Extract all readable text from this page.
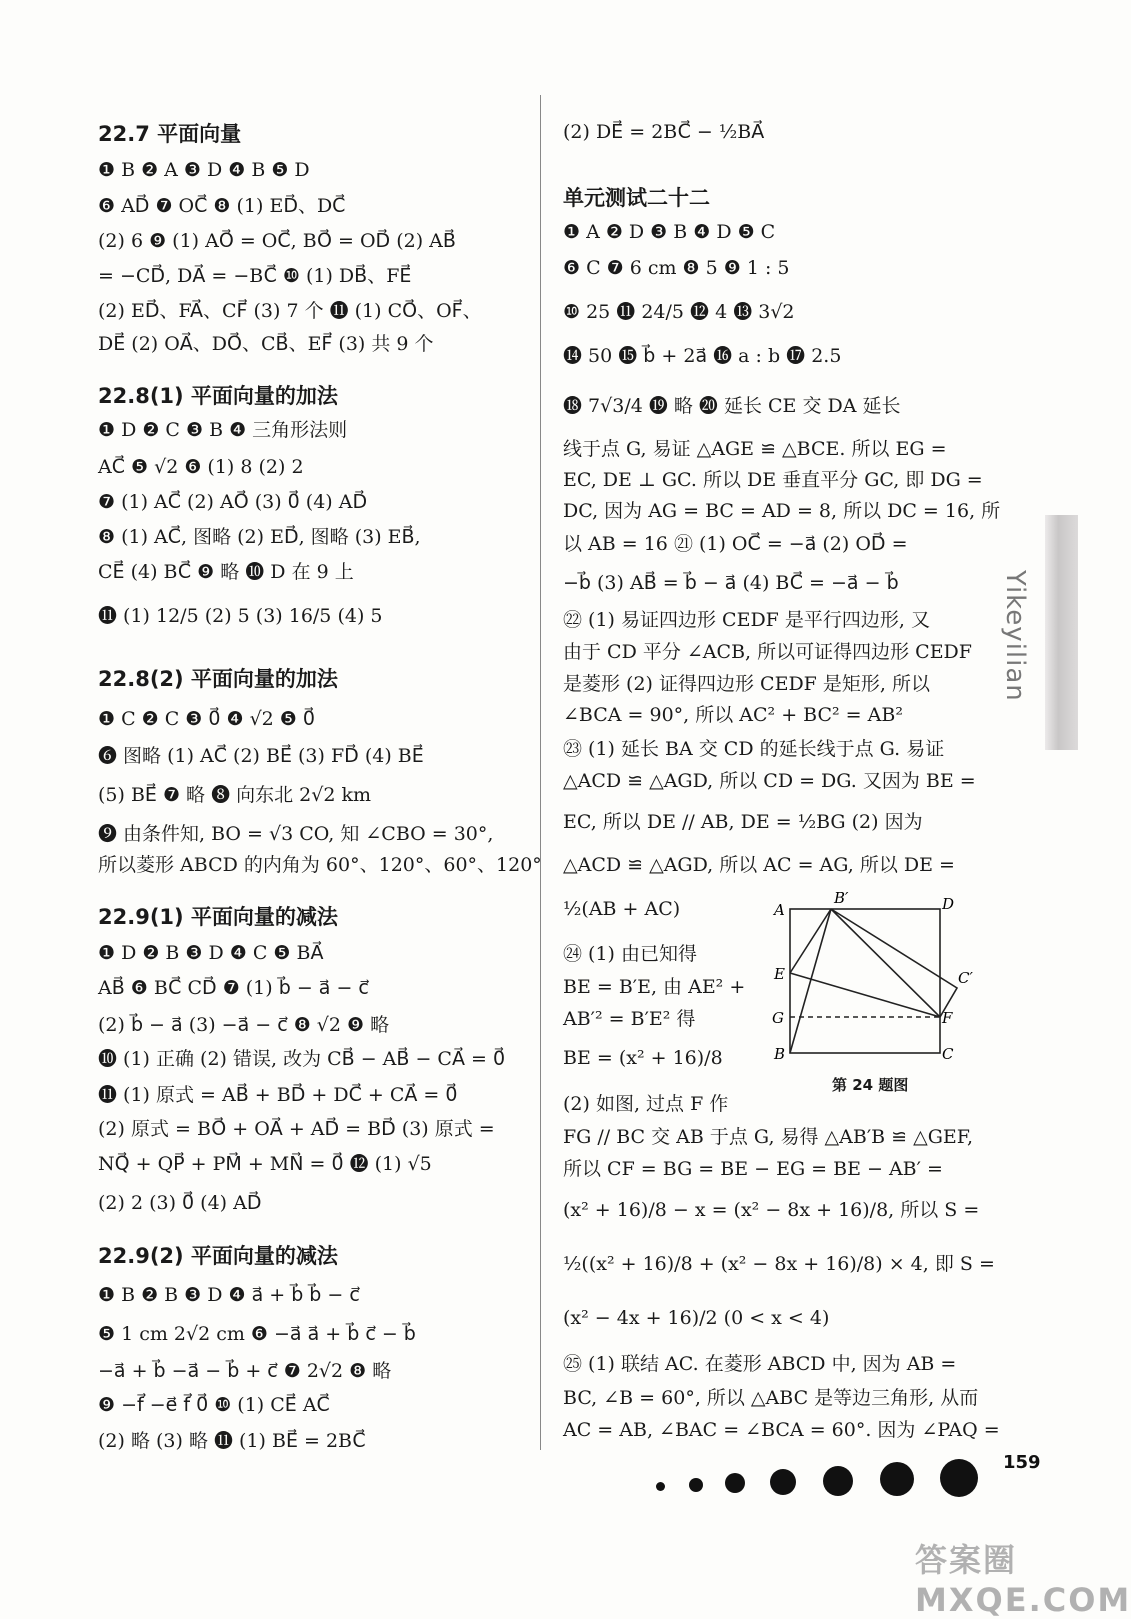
22.7 平面向量
❶ B ❷ A ❸ D ❹ B ❺ D
❻ AD⃗ ❼ OC⃗ ❽ (1) ED⃗、DC⃗
(2) 6 ❾ (1) AO⃗ = OC⃗, BO⃗ = OD⃗ (2) AB⃗
= −CD⃗, DA⃗ = −BC⃗ ❿ (1) DB⃗、FE⃗
(2) ED⃗、FA⃗、CF⃗ (3) 7 个 ⓫ (1) CO⃗、OF⃗、
DE⃗ (2) OA⃗、DO⃗、CB⃗、EF⃗ (3) 共 9 个
22.8(1) 平面向量的加法
❶ D ❷ C ❸ B ❹ 三角形法则
AC⃗ ❺ √2 ❻ (1) 8 (2) 2
❼ (1) AC⃗ (2) AO⃗ (3) 0⃗ (4) AD⃗
❽ (1) AC⃗, 图略 (2) ED⃗, 图略 (3) EB⃗,
CE⃗ (4) BC⃗ ❾ 略 ❿ D 在 9 上
⓫ (1) 12/5 (2) 5 (3) 16/5 (4) 5
22.8(2) 平面向量的加法
❶ C ❷ C ❸ 0⃗ ❹ √2 ❺ 0⃗
❻ 图略 (1) AC⃗ (2) BE⃗ (3) FD⃗ (4) BE⃗
(5) BE⃗ ❼ 略 ❽ 向东北 2√2 km
❾ 由条件知, BO = √3 CO, 知 ∠CBO = 30°,
所以菱形 ABCD 的内角为 60°、120°、60°、120°
22.9(1) 平面向量的减法
❶ D ❷ B ❸ D ❹ C ❺ BA⃗
AB⃗ ❻ BC⃗ CD⃗ ❼ (1) b⃗ − a⃗ − c⃗
(2) b⃗ − a⃗ (3) −a⃗ − c⃗ ❽ √2 ❾ 略
❿ (1) 正确 (2) 错误, 改为 CB⃗ − AB⃗ − CA⃗ = 0⃗
⓫ (1) 原式 = AB⃗ + BD⃗ + DC⃗ + CA⃗ = 0⃗
(2) 原式 = BO⃗ + OA⃗ + AD⃗ = BD⃗ (3) 原式 =
NQ⃗ + QP⃗ + PM⃗ + MN⃗ = 0⃗ ⓬ (1) √5
(2) 2 (3) 0⃗ (4) AD⃗
22.9(2) 平面向量的减法
❶ B ❷ B ❸ D ❹ a⃗ + b⃗ b⃗ − c⃗
❺ 1 cm 2√2 cm ❻ −a⃗ a⃗ + b⃗ c⃗ − b⃗
−a⃗ + b⃗ −a⃗ − b⃗ + c⃗ ❼ 2√2 ❽ 略
❾ −f⃗ −e⃗ f⃗ 0⃗ ❿ (1) CE⃗ AC⃗
(2) 略 (3) 略 ⓫ (1) BE⃗ = 2BC⃗
(2) DE⃗ = 2BC⃗ − ½BA⃗
单元测试二十二
❶ A ❷ D ❸ B ❹ D ❺ C
❻ C ❼ 6 cm ❽ 5 ❾ 1 : 5
❿ 25 ⓫ 24/5 ⓬ 4 ⓭ 3√2
⓮ 50 ⓯ b⃗ + 2a⃗ ⓰ a : b ⓱ 2.5
⓲ 7√3/4 ⓳ 略 ⓴ 延长 CE 交 DA 延长
线于点 G, 易证 △AGE ≌ △BCE. 所以 EG =
EC, DE ⊥ GC. 所以 DE 垂直平分 GC, 即 DG =
DC, 因为 AG = BC = AD = 8, 所以 DC = 16, 所
以 AB = 16 ㉑ (1) OC⃗ = −a⃗ (2) OD⃗ =
−b⃗ (3) AB⃗ = b⃗ − a⃗ (4) BC⃗ = −a⃗ − b⃗
㉒ (1) 易证四边形 CEDF 是平行四边形, 又
由于 CD 平分 ∠ACB, 所以可证得四边形 CEDF
是菱形 (2) 证得四边形 CEDF 是矩形, 所以
∠BCA = 90°, 所以 AC² + BC² = AB²
㉓ (1) 延长 BA 交 CD 的延长线于点 G. 易证
△ACD ≌ △AGD, 所以 CD = DG. 又因为 BE =
EC, 所以 DE // AB, DE = ½BG (2) 因为
△ACD ≌ △AGD, 所以 AC = AG, 所以 DE =
½(AB + AC)
㉔ (1) 由已知得
BE = B′E, 由 AE² +
AB′² = B′E² 得
BE = (x² + 16)/8
(2) 如图, 过点 F 作
FG // BC 交 AB 于点 G, 易得 △AB′B ≌ △GEF,
所以 CF = BG = BE − EG = BE − AB′ =
(x² + 16)/8 − x = (x² − 8x + 16)/8, 所以 S =
½((x² + 16)/8 + (x² − 8x + 16)/8) × 4, 即 S =
(x² − 4x + 16)/2 (0 < x < 4)
㉕ (1) 联结 AC. 在菱形 ABCD 中, 因为 AB =
BC, ∠B = 60°, 所以 △ABC 是等边三角形, 从而
AC = AB, ∠BAC = ∠BCA = 60°. 因为 ∠PAQ =
A
B′	D
E	C′
G	F
B	C
第 24 题图
Yikeyilian
159
答案圈 MXQE.COM
